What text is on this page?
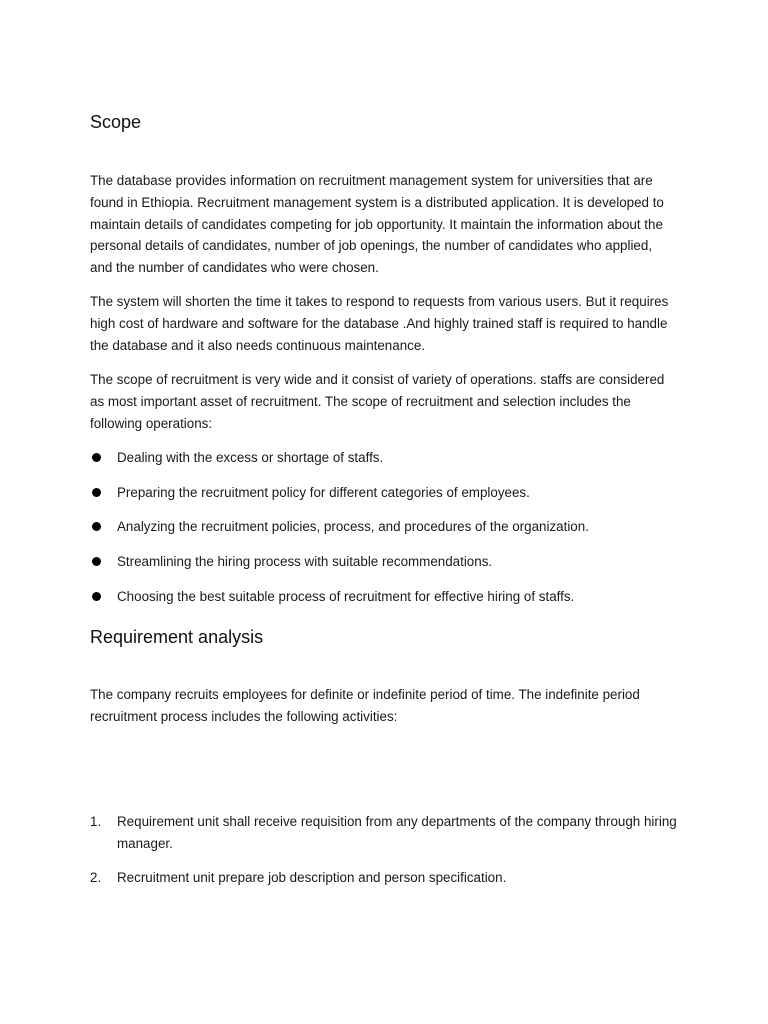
Scope

The database provides information on recruitment management system for universities that are found in Ethiopia. Recruitment management system is a distributed application. It is developed to maintain details of candidates competing for job opportunity. It maintain the information about the personal details of candidates, number of job openings, the number of candidates who applied, and the number of candidates who were chosen.

The system will shorten the time it takes to respond to requests from various users. But it requires high cost of hardware and software for the database .And highly trained staff is required to handle the database and it also needs continuous maintenance.

The scope of recruitment is very wide and it consist of variety of operations. staffs are considered as most important asset of recruitment. The scope of recruitment and selection includes the following operations:

Dealing with the excess or shortage of staffs.
Preparing the recruitment policy for different categories of employees.
Analyzing the recruitment policies, process, and procedures of the organization.
Streamlining the hiring process with suitable recommendations.
Choosing the best suitable process of recruitment for effective hiring of staffs.
Requirement analysis

The company recruits employees for definite or indefinite period of time. The indefinite period recruitment process includes the following activities:

1. Requirement unit shall receive requisition from any departments of the company through hiring manager.
2. Recruitment unit prepare job description and person specification.
